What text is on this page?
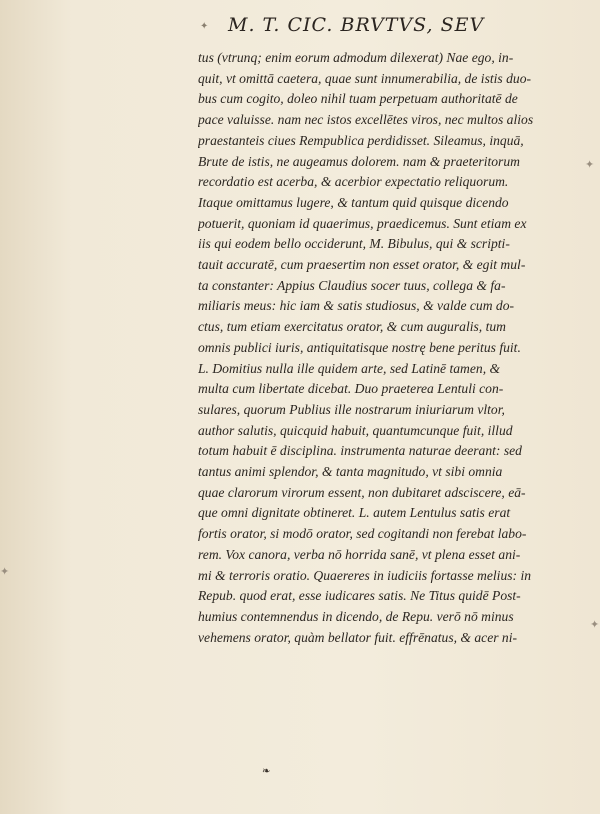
✦ M. T. CIC. BRVTVS, SEV
✦
✦
✦
tus (vtrunq; enim eorum admodum dilexerat) Nae ego, in-
quit, vt omittā caetera, quae sunt innumerabilia, de istis duo-
bus cum cogito, doleo nihil tuam perpetuam authoritatē de
pace valuisse. nam nec istos excellētes viros, nec multos alios
praestanteis ciues Rempublica perdidisset. Sileamus, inquā,
Brute de istis, ne augeamus dolorem. nam & praeteritorum
recordatio est acerba, & acerbior expectatio reliquorum.
Itaque omittamus lugere, & tantum quid quisque dicendo
potuerit, quoniam id quaerimus, praedicemus. Sunt etiam ex
iis qui eodem bello occiderunt, M. Bibulus, qui & scripti-
tauit accuratē, cum praesertim non esset orator, & egit mul-
ta constanter: Appius Claudius socer tuus, collega & fa-
miliaris meus: hic iam & satis studiosus, & valde cum do-
ctus, tum etiam exercitatus orator, & cum auguralis, tum
omnis publici iuris, antiquitatisque nostrę bene peritus fuit.
L. Domitius nulla ille quidem arte, sed Latinē tamen, &
multa cum libertate dicebat. Duo praeterea Lentuli con-
sulares, quorum Publius ille nostrarum iniuriarum vltor,
author salutis, quicquid habuit, quantumcunque fuit, illud
totum habuit ē disciplina. instrumenta naturae deerant: sed
tantus animi splendor, & tanta magnitudo, vt sibi omnia
quae clarorum virorum essent, non dubitaret adsciscere, eā-
que omni dignitate obtineret. L. autem Lentulus satis erat
fortis orator, si modō orator, sed cogitandi non ferebat labo-
rem. Vox canora, verba nō horrida sanē, vt plena esset ani-
mi & terroris oratio. Quaereres in iudiciis fortasse melius: in
Repub. quod erat, esse iudicares satis. Ne Titus quidē Post-
humius contemnendus in dicendo, de Repu. verō nō minus
vehemens orator, quàm bellator fuit. effrēnatus, & acer ni-
❧
